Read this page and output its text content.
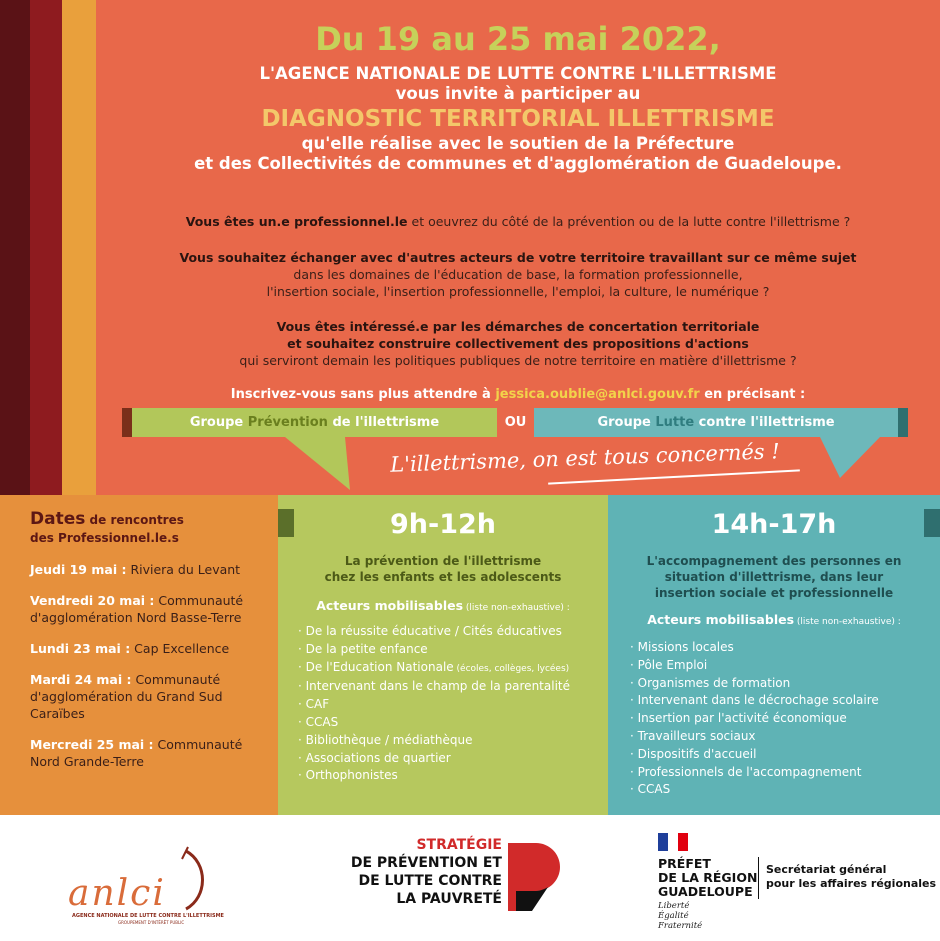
Du 19 au 25 mai 2022,
L'AGENCE NATIONALE DE LUTTE CONTRE L'ILLETTRISME
vous invite à participer au
DIAGNOSTIC TERRITORIAL ILLETTRISME
qu'elle réalise avec le soutien de la Préfecture
et des Collectivités de communes et d'agglomération de Guadeloupe.
Vous êtes un.e professionnel.le et oeuvrez du côté de la prévention ou de la lutte contre l'illettrisme ?
Vous souhaitez échanger avec d'autres acteurs de votre territoire travaillant sur ce même sujet
dans les domaines de l'éducation de base, la formation professionnelle,
l'insertion sociale, l'insertion professionnelle, l'emploi, la culture, le numérique ?
Vous êtes intéressé.e par les démarches de concertation territoriale
et souhaitez construire collectivement des propositions d'actions
qui serviront demain les politiques publiques de notre territoire en matière d'illettrisme ?
Inscrivez-vous sans plus attendre à jessica.oublie@anlci.gouv.fr en précisant :
Groupe Prévention de l'illettrisme	OU	Groupe Lutte contre l'illettrisme
L'illettrisme, on est tous concernés !
Dates de rencontres
des Professionnel.le.s
Jeudi 19 mai : Riviera du Levant
Vendredi 20 mai : Communauté d'agglomération Nord Basse-Terre
Lundi 23 mai : Cap Excellence
Mardi 24 mai : Communauté d'agglomération du Grand Sud Caraïbes
Mercredi 25 mai : Communauté Nord Grande-Terre
9h-12h
La prévention de l'illettrisme
chez les enfants et les adolescents
Acteurs mobilisables (liste non-exhaustive) :
· De la réussite éducative / Cités éducatives
· De la petite enfance
· De l'Education Nationale (écoles, collèges, lycées)
· Intervenant dans le champ de la parentalité
· CAF
· CCAS
· Bibliothèque / médiathèque
· Associations de quartier
· Orthophonistes
14h-17h
L'accompagnement des personnes en
situation d'illettrisme, dans leur
insertion sociale et professionnelle
Acteurs mobilisables (liste non-exhaustive) :
· Missions locales
· Pôle Emploi
· Organismes de formation
· Intervenant dans le décrochage scolaire
· Insertion par l'activité économique
· Travailleurs sociaux
· Dispositifs d'accueil
· Professionnels de l'accompagnement
· CCAS
anlci
AGENCE NATIONALE DE LUTTE CONTRE L'ILLETTRISME
GROUPEMENT D'INTÉRÊT PUBLIC
STRATÉGIE
DE PRÉVENTION ET
DE LUTTE CONTRE
LA PAUVRETÉ
PRÉFET
DE LA RÉGION
GUADELOUPE
Liberté
Égalité
Fraternité
Secrétariat général
pour les affaires régionales
